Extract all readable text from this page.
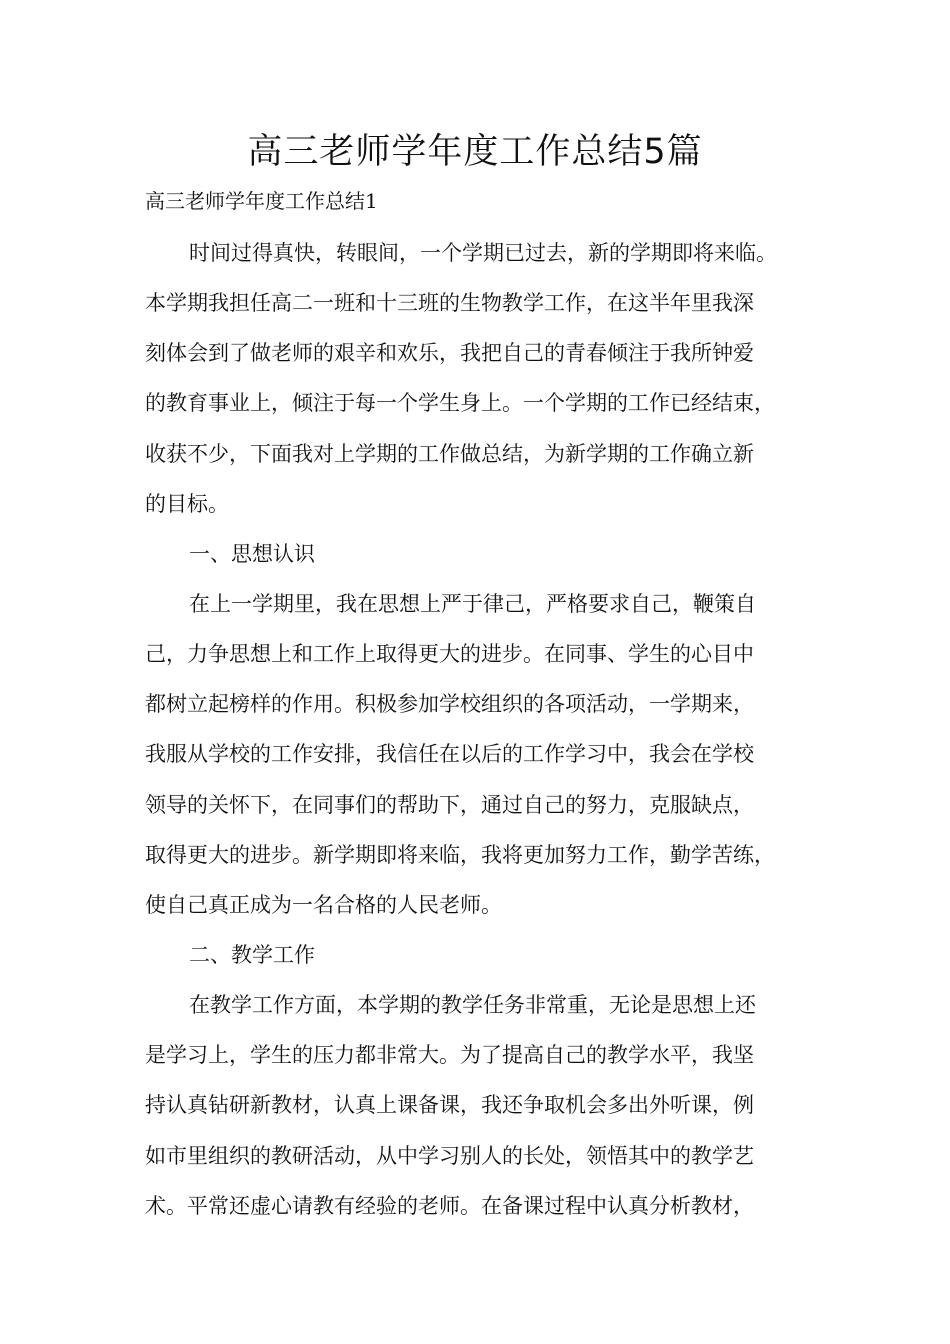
高三老师学年度工作总结5篇

高三老师学年度工作总结1

时间过得真快，转眼间，一个学期已过去，新的学期即将来临。
本学期我担任高二一班和十三班的生物教学工作，在这半年里我深
刻体会到了做老师的艰辛和欢乐，我把自己的青春倾注于我所钟爱
的教育事业上，倾注于每一个学生身上。一个学期的工作已经结束，
收获不少，下面我对上学期的工作做总结，为新学期的工作确立新
的目标。
一、思想认识
在上一学期里，我在思想上严于律己，严格要求自己，鞭策自
己，力争思想上和工作上取得更大的进步。在同事、学生的心目中
都树立起榜样的作用。积极参加学校组织的各项活动，一学期来，
我服从学校的工作安排，我信任在以后的工作学习中，我会在学校
领导的关怀下，在同事们的帮助下，通过自己的努力，克服缺点，
取得更大的进步。新学期即将来临，我将更加努力工作，勤学苦练，
使自己真正成为一名合格的人民老师。
二、教学工作
在教学工作方面，本学期的教学任务非常重，无论是思想上还
是学习上，学生的压力都非常大。为了提高自己的教学水平，我坚
持认真钻研新教材，认真上课备课，我还争取机会多出外听课，例
如市里组织的教研活动，从中学习别人的长处，领悟其中的教学艺
术。平常还虚心请教有经验的老师。在备课过程中认真分析教材，
